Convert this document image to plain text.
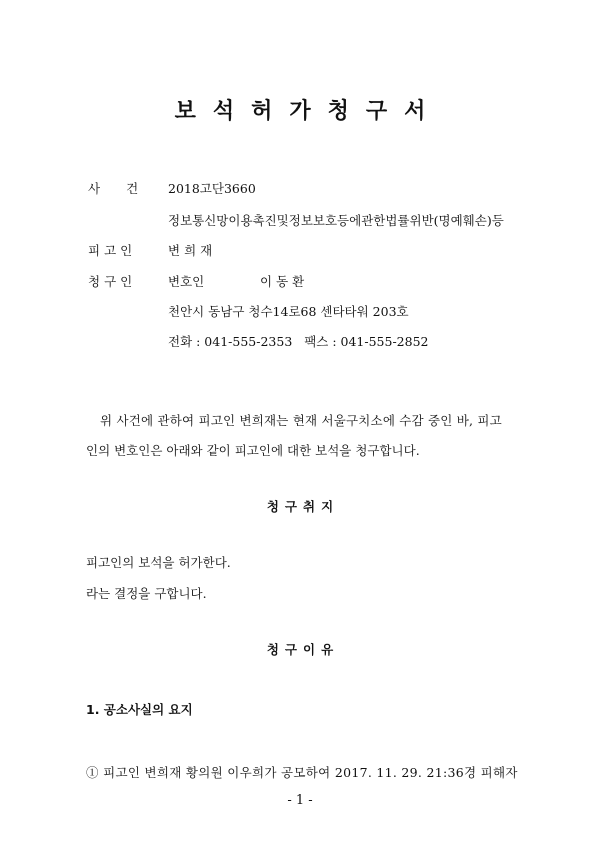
보석허가청구서
사건 2018고단3660
정보통신망이용촉진및정보보호등에관한법률위반(명예훼손)등
피고인	변희재
청구인	변호인	이동환
천안시 동남구 청수14로68 센타타워 203호
전화 : 041-555-2353   팩스 : 041-555-2852
위 사건에 관하여 피고인 변희재는 현재 서울구치소에 수감 중인 바, 피고
인의 변호인은 아래와 같이 피고인에 대한 보석을 청구합니다.
청구취지
피고인의 보석을 허가한다.
라는 결정을 구합니다.
청구이유
1. 공소사실의 요지
① 피고인 변희재 황의원 이우희가 공모하여 2017. 11. 29. 21:36경 피해자
- 1 -
